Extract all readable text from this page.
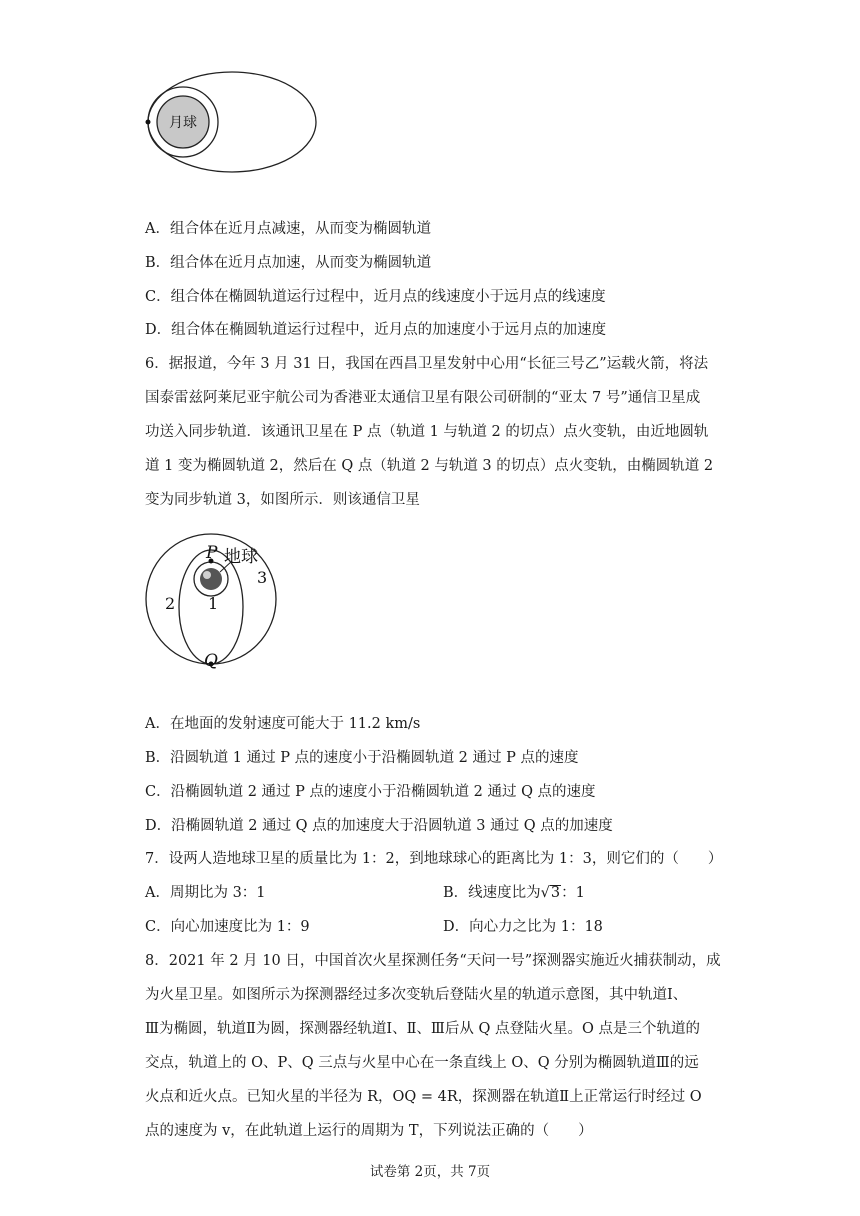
月球
A．组合体在近月点减速，从而变为椭圆轨道
B．组合体在近月点加速，从而变为椭圆轨道
C．组合体在椭圆轨道运行过程中，近月点的线速度小于远月点的线速度
D．组合体在椭圆轨道运行过程中，近月点的加速度小于远月点的加速度
6．据报道，今年 3 月 31 日，我国在西昌卫星发射中心用“长征三号乙”运载火箭，将法
国泰雷兹阿莱尼亚宇航公司为香港亚太通信卫星有限公司研制的“亚太 7 号”通信卫星成
功送入同步轨道．该通讯卫星在 P 点（轨道 1 与轨道 2 的切点）点火变轨，由近地圆轨
道 1 变为椭圆轨道 2，然后在 Q 点（轨道 2 与轨道 3 的切点）点火变轨，由椭圆轨道 2
变为同步轨道 3，如图所示．则该通信卫星
P 地球
3
2 1
Q
A．在地面的发射速度可能大于 11.2 km/s
B．沿圆轨道 1 通过 P 点的速度小于沿椭圆轨道 2 通过 P 点的速度
C．沿椭圆轨道 2 通过 P 点的速度小于沿椭圆轨道 2 通过 Q 点的速度
D．沿椭圆轨道 2 通过 Q 点的加速度大于沿圆轨道 3 通过 Q 点的加速度
7．设两人造地球卫星的质量比为 1：2，到地球球心的距离比为 1：3，则它们的（　　）
A．周期比为 3：1	B．线速度比为√3：1
C．向心加速度比为 1：9	D．向心力之比为 1：18
8．2021 年 2 月 10 日，中国首次火星探测任务“天问一号”探测器实施近火捕获制动，成
为火星卫星。如图所示为探测器经过多次变轨后登陆火星的轨道示意图，其中轨道Ⅰ、
Ⅲ为椭圆，轨道Ⅱ为圆，探测器经轨道Ⅰ、Ⅱ、Ⅲ后从 Q 点登陆火星。O 点是三个轨道的
交点，轨道上的 O、P、Q 三点与火星中心在一条直线上 O、Q 分别为椭圆轨道Ⅲ的远
火点和近火点。已知火星的半径为 R，OQ = 4R，探测器在轨道Ⅱ上正常运行时经过 O
点的速度为 v，在此轨道上运行的周期为 T，下列说法正确的（　　）
试卷第 2页，共 7页
